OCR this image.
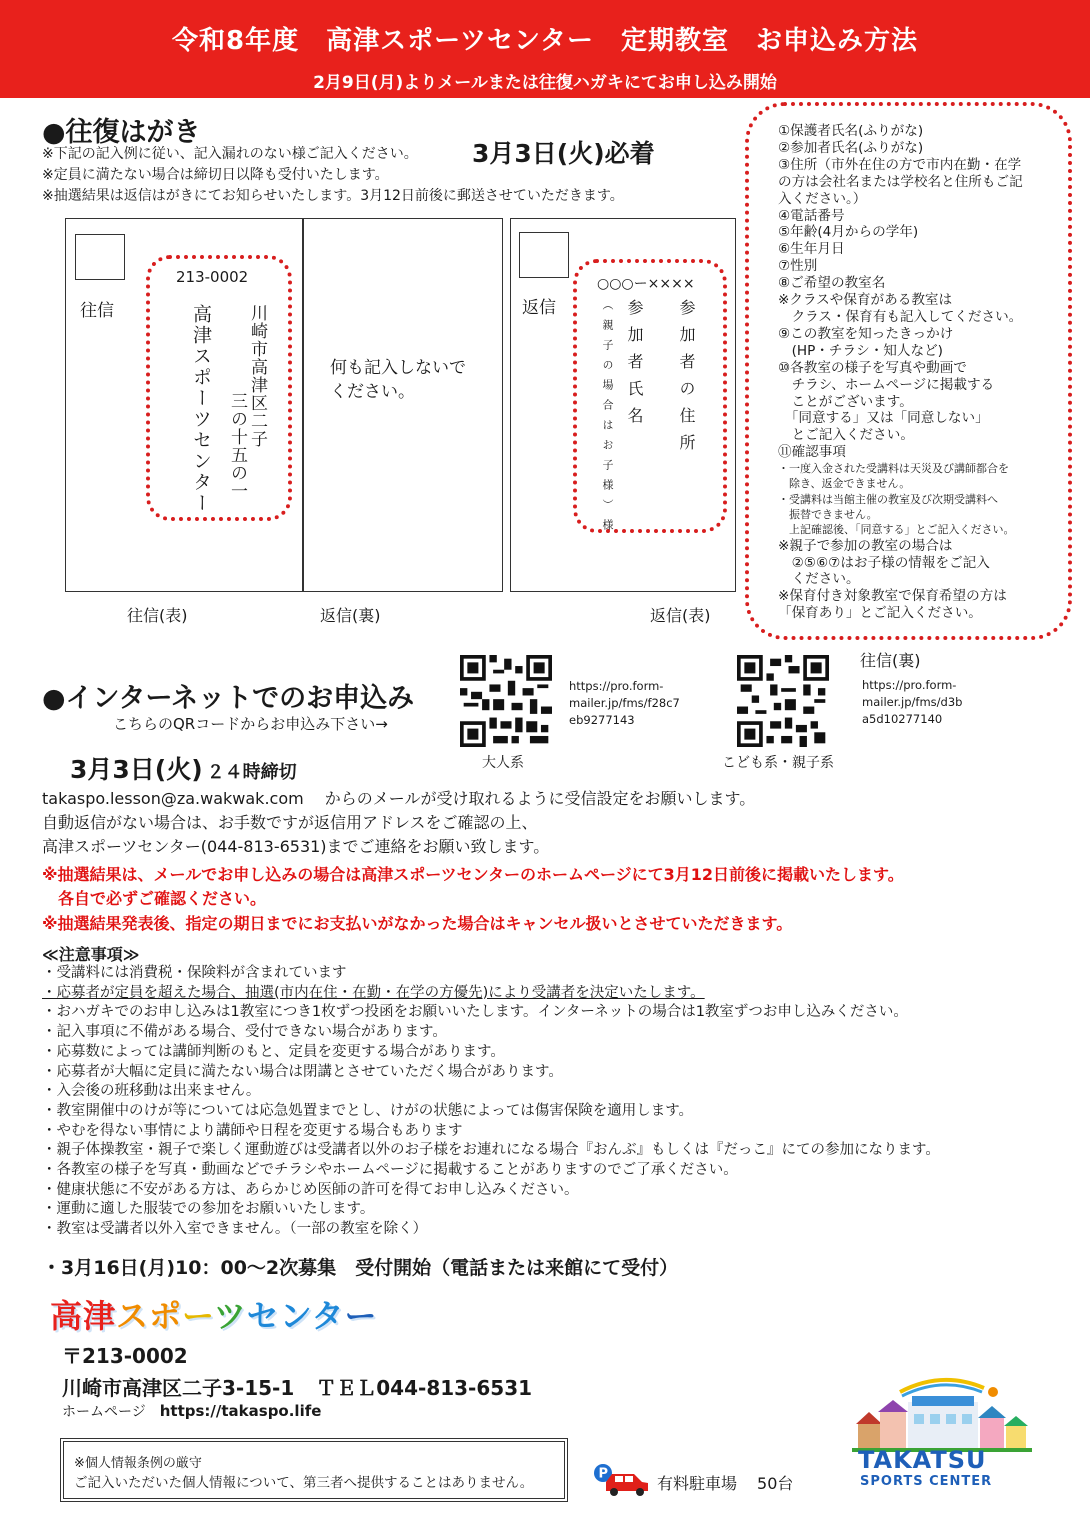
令和8年度　高津スポーツセンター　定期教室　お申込み方法
2月9日(月)よりメールまたは往復ハガキにてお申し込み開始
●往復はがき
※下記の記入例に従い、記入漏れのない様ご記入ください。 3月3日(火)必着
※定員に満たない場合は締切日以降も受付いたします。
※抽選結果は返信はがきにてお知らせいたします。3月12日前後に郵送させていただきます。
往信
213-0002
川崎市高津区二子
三の十五の一
高津スポーツセンター	何も記入しないで
ください。
往信(表)	返信(裏)
返信
○○○ー××××
参加者の住所
参加者氏名
（親子の場合はお子様）様
返信(表)
①保護者氏名(ふりがな)
②参加者氏名(ふりがな)
③住所（市外在住の方で市内在勤・在学
の方は会社名または学校名と住所もご記
入ください。）
④電話番号
⑤年齢(4月からの学年)
⑥生年月日
⑦性別
⑧ご希望の教室名
※クラスや保育がある教室は
　クラス・保育有も記入してください。
⑨この教室を知ったきっかけ
　(HP・チラシ・知人など)
⑩各教室の様子を写真や動画で
　チラシ、ホームページに掲載する
　ことがございます。
　「同意する」又は「同意しない」
　とご記入ください。
⑪確認事項
・一度入金された受講料は天災及び講師都合を
　除き、返金できません。
・受講料は当館主催の教室及び次期受講料へ
　振替できません。
　上記確認後、「同意する」とご記入ください。
※親子で参加の教室の場合は
　②⑤⑥⑦はお子様の情報をご記入
　ください。
※保育付き対象教室で保育希望の方は
「保育あり」とご記入ください。
往信(裏)
●インターネットでのお申込み
こちらのQRコードからお申込み下さい→
3月3日(火) ２４時締切
https://pro.form-
mailer.jp/fms/f28c7
eb9277143
大人系
https://pro.form-
mailer.jp/fms/d3b
a5d10277140
こども系・親子系
takaspo.lesson@za.wakwak.com からのメールが受け取れるように受信設定をお願いします。
自動返信がない場合は、お手数ですが返信用アドレスをご確認の上、
高津スポーツセンター(044-813-6531)までご連絡をお願い致します。
※抽選結果は、メールでお申し込みの場合は高津スポーツセンターのホームページにて3月12日前後に掲載いたします。
各自で必ずご確認ください。
※抽選結果発表後、指定の期日までにお支払いがなかった場合はキャンセル扱いとさせていただきます。
≪注意事項≫
・受講料には消費税・保険料が含まれています
・応募者が定員を超えた場合、抽選(市内在住・在勤・在学の方優先)により受講者を決定いたします。
・おハガキでのお申し込みは1教室につき1枚ずつ投函をお願いいたします。インターネットの場合は1教室ずつお申し込みください。
・記入事項に不備がある場合、受付できない場合があります。
・応募数によっては講師判断のもと、定員を変更する場合があります。
・応募者が大幅に定員に満たない場合は閉講とさせていただく場合があります。
・入会後の班移動は出来ません。
・教室開催中のけが等については応急処置までとし、けがの状態によっては傷害保険を適用します。
・やむを得ない事情により講師や日程を変更する場合もあります
・親子体操教室・親子で楽しく運動遊びは受講者以外のお子様をお連れになる場合『おんぶ』もしくは『だっこ』にての参加になります。
・各教室の様子を写真・動画などでチラシやホームページに掲載することがありますのでご了承ください。
・健康状態に不安がある方は、あらかじめ医師の許可を得てお申し込みください。
・運動に適した服装での参加をお願いいたします。
・教室は受講者以外入室できません。（一部の教室を除く）
・3月16日(月)10：00～2次募集　受付開始（電話または来館にて受付）
高津スポーツセンター
〒213-0002
川崎市高津区二子3-15-1 ＴＥＬ044-813-6531
ホームページ https://takaspo.life
※個人情報条例の厳守
ご記入いただいた個人情報について、第三者へ提供することはありません。
P	有料駐車場 50台
TAKATSU
SPORTS CENTER
